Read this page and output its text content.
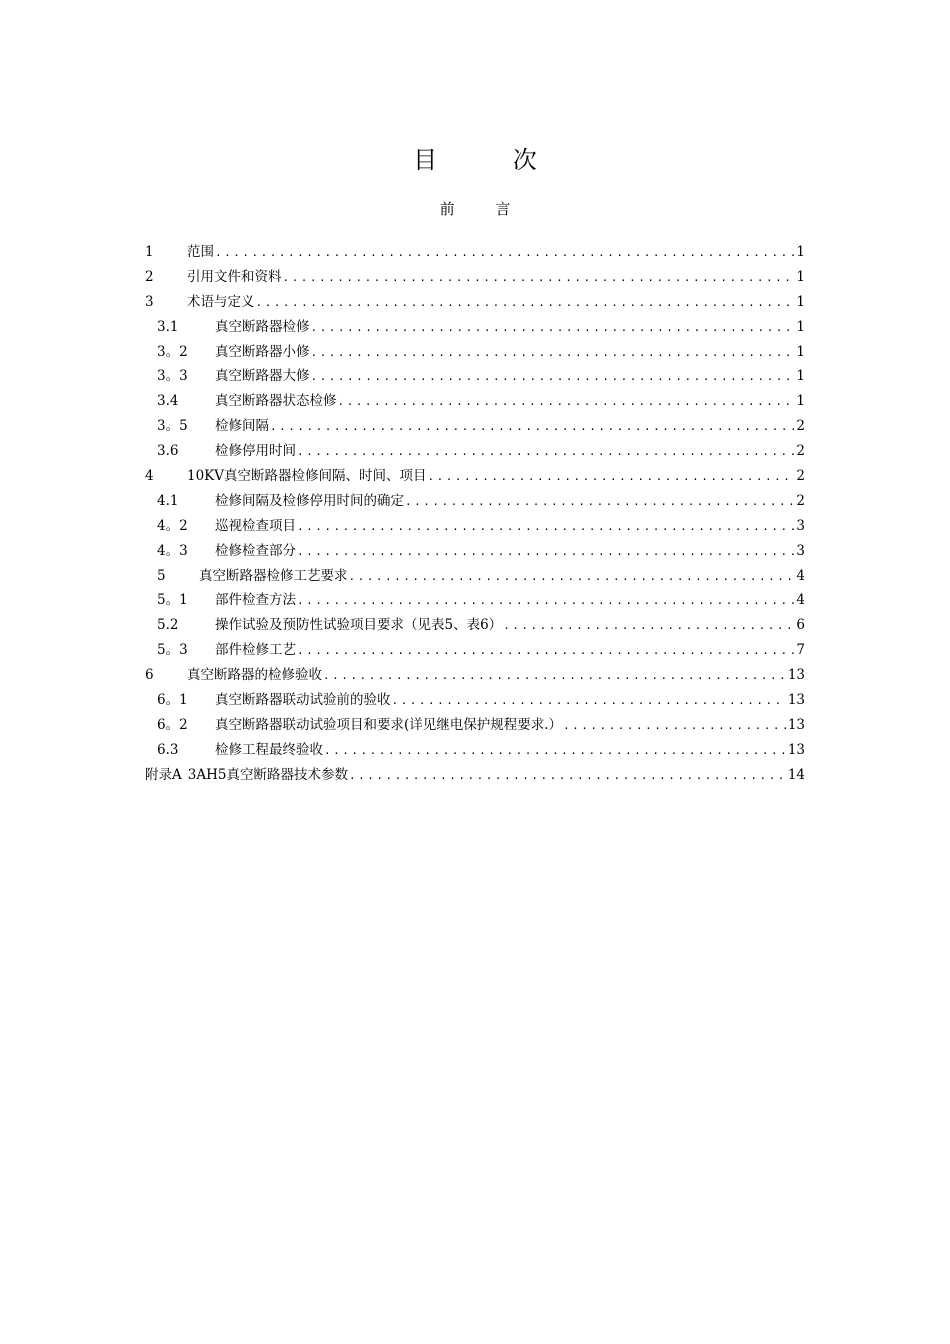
目 次
前 言
1	范围 .....	1
2	引用文件和资料 .....	1
3	术语与定义 .....	1
3.1	真空断路器检修 .....	1
3。2	真空断路器小修 .....	1
3。3	真空断路器大修 .....	1
3.4	真空断路器状态检修 .....	1
3。5	检修间隔 .....	2
3.6	检修停用时间 .....	2
4	10KV真空断路器检修间隔、时间、项目 .....	2
4.1	检修间隔及检修停用时间的确定 .....	2
4。2	巡视检查项目 .....	3
4。3	检修检查部分 .....	3
5	真空断路器检修工艺要求 .....	4
5。1	部件检查方法 .....	4
5.2	操作试验及预防性试验项目要求（见表5、表6） .....	6
5。3	部件检修工艺 .....	7
6	真空断路器的检修验收 .....	13
6。1	真空断路器联动试验前的验收 .....	13
6。2	真空断路器联动试验项目和要求(详见继电保护规程要求.） .....	13
6.3	检修工程最终验收 .....	13
附录A 3AH5真空断路器技术参数 .....	14
